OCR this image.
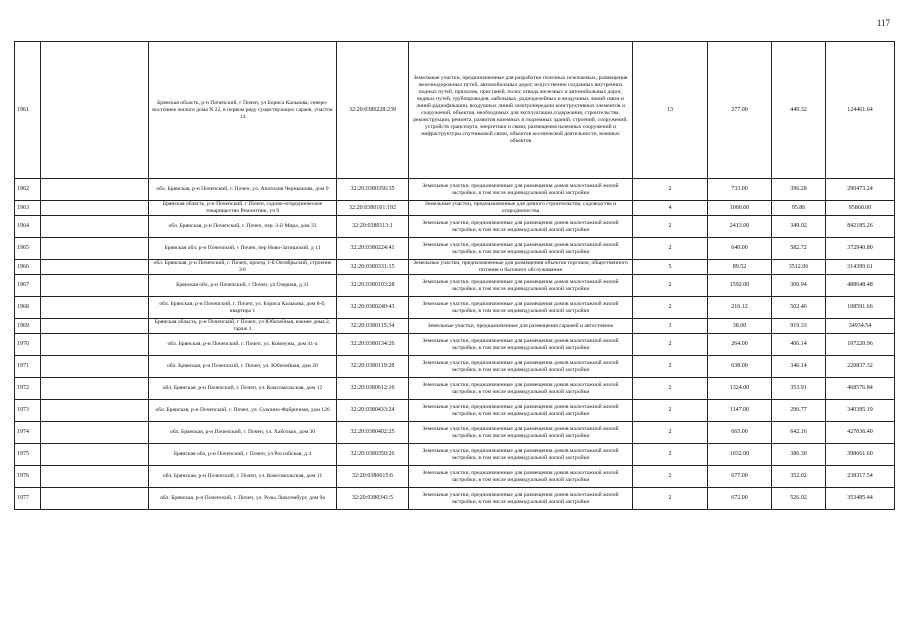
117
1961		Брянская область, р-н Почепский, г Почеп, ул Бориса Калькова, северо-восточнее жилого дома N 22, в первом ряду существующих сараев, участок 14	32:20:0380228:239	Земельные участки, предназначенные для разработки полезных ископаемых, размещения железнодорожных путей, автомобильных дорог, искусственно созданных внутренних водных путей, причалов, пристаней, полос отвода железных и автомобильных дорог, водных путей, трубопроводов, кабельных, радиорелейных и воздушных линий связи и линий радиофикации, воздушных линий электропередачи конструктивных элементов и сооружений, объектов, необходимых для эксплуатации,содержания, строительства, реконструкции, ремонта, развития наземных и подземных зданий, строений, сооружений, устройств транспорта, энергетики и связи; размещения наземных сооружений и инфраструктуры спутниковой связи, объектов космической деятельности, военных объектов	13	277.00	449.32	124461.64
1962		обл. Брянская, р-н Почепский, г. Почеп, ул. Анатолия Чернышова, дом 9	32:20:0380356:35	Земельные участки, предназначенные для размещения домов малоэтажной жилой застройки, в том числе индивидуальной жилой застройки	2	733.00	396.28	290473.24
1963		Брянская область, р-н Почепский, г Почеп, садово-огородническое товарищество Ремонтник, уч 9	32:20:0380101:192	Земельные участки, предназначенные для дачного строительства, садоводства и огородничества	4	1000.00	95.86	95860.00
1964		обл. Брянская, р-н Почепский, г. Почеп, пер. 3-й Мира, дом 33	32:20:0380113:1	Земельные участки, предназначенные для размещения домов малоэтажной жилой застройки, в том числе индивидуальной жилой застройки	2	2413.00	349.02	842185.26
1965		Брянская обл, р-н Почепский, г Почеп, пер Ново-Затишский, д 11	32:20:0380224:41	Земельные участки, предназначенные для размещения домов малоэтажной жилой застройки, в том числе индивидуальной жилой застройки	2	640.00	582.72	372940.80
1966		обл. Брянская, р-н Почепский, г. Почеп, проезд 1-й Октябрьский, строение 3/6	32:20:0380331:15	Земельные участки, предназначенные для размещения объектов торговли, общественного питания и бытового обслуживания	5	89.52	3512.06	314399.61
1967		Брянская обл, р-н Почепский, г Почеп, ул Озерная, д 31	32:20:0380103:28	Земельные участки, предназначенные для размещения домов малоэтажной жилой застройки, в том числе индивидуальной жилой застройки	2	1592.00	306.94	488648.48
1968		обл. Брянская, р-н Почепский, г. Почеп, ул. Бориса Калькова, дом 8-б, квартира 1	32:20:0380240:43	Земельные участки, предназначенные для размещения домов малоэтажной жилой застройки, в том числе индивидуальной жилой застройки	2	216.12	502.46	108591.66
1969		Брянская область, р-н Почепский, г Почеп, ул Юбилейная, южнее дома 2, гараж 1	32:20:0380115:34	Земельные участки, предназначенные для размещения гаражей и автостоянок	3	38.00	919.33	34934.54
1970		обл. Брянская, р-н Почепский, г. Почеп, ул. Коммуны, дом 41-а	32:20:0380134:26	Земельные участки, предназначенные для размещения домов малоэтажной жилой застройки, в том числе индивидуальной жилой застройки	2	264.00	406.14	107220.96
1971		обл. Брянская, р-н Почепский, г. Почеп, ул. Юбилейная, дом 20	32:20:0380119:28	Земельные участки, предназначенные для размещения домов малоэтажной жилой застройки, в том числе индивидуальной жилой застройки	2	638.00	346.14	220837.32
1972		обл. Брянская, р-н Почепский, г. Почеп, ул. Комсомольская, дом 12	32:20:0380612:16	Земельные участки, предназначенные для размещения домов малоэтажной жилой застройки, в том числе индивидуальной жилой застройки	2	1324.00	353.91	468576.84
1973		обл. Брянская, р-н Почепский, г. Почеп, ул. Суконно-Фабричная, дом 126	32:20:0380433:24	Земельные участки, предназначенные для размещения домов малоэтажной жилой застройки, в том числе индивидуальной жилой застройки	2	1147.00	296.77	340395.19
1974		обл. Брянская, р-н Почепский, г. Почеп, ул. Хаботько, дом 30	32:20:0380402:25	Земельные участки, предназначенные для размещения домов малоэтажной жилой застройки, в том числе индивидуальной жилой застройки	2	665.00	642.16	427036.40
1975		Брянская обл, р-н Почепский, г Почеп, ул Российская, д 4	32:20:0380350:26	Земельные участки, предназначенные для размещения домов малоэтажной жилой застройки, в том числе индивидуальной жилой застройки	2	1032.00	386.30	398661.60
1976		обл. Брянская, р-н Почепский, г. Почеп, ул. Комсомольская, дом 11	32:20:0380615:6	Земельные участки, предназначенные для размещения домов малоэтажной жилой застройки, в том числе индивидуальной жилой застройки	2	677.00	352.02	238317.54
1977		обл. Брянская, р-н Почепский, г. Почеп, ул. Розы Люксембург, дом 9а	32:20:0380341:5	Земельные участки, предназначенные для размещения домов малоэтажной жилой застройки, в том числе индивидуальной жилой застройки	2	672.00	526.02	353485.44
